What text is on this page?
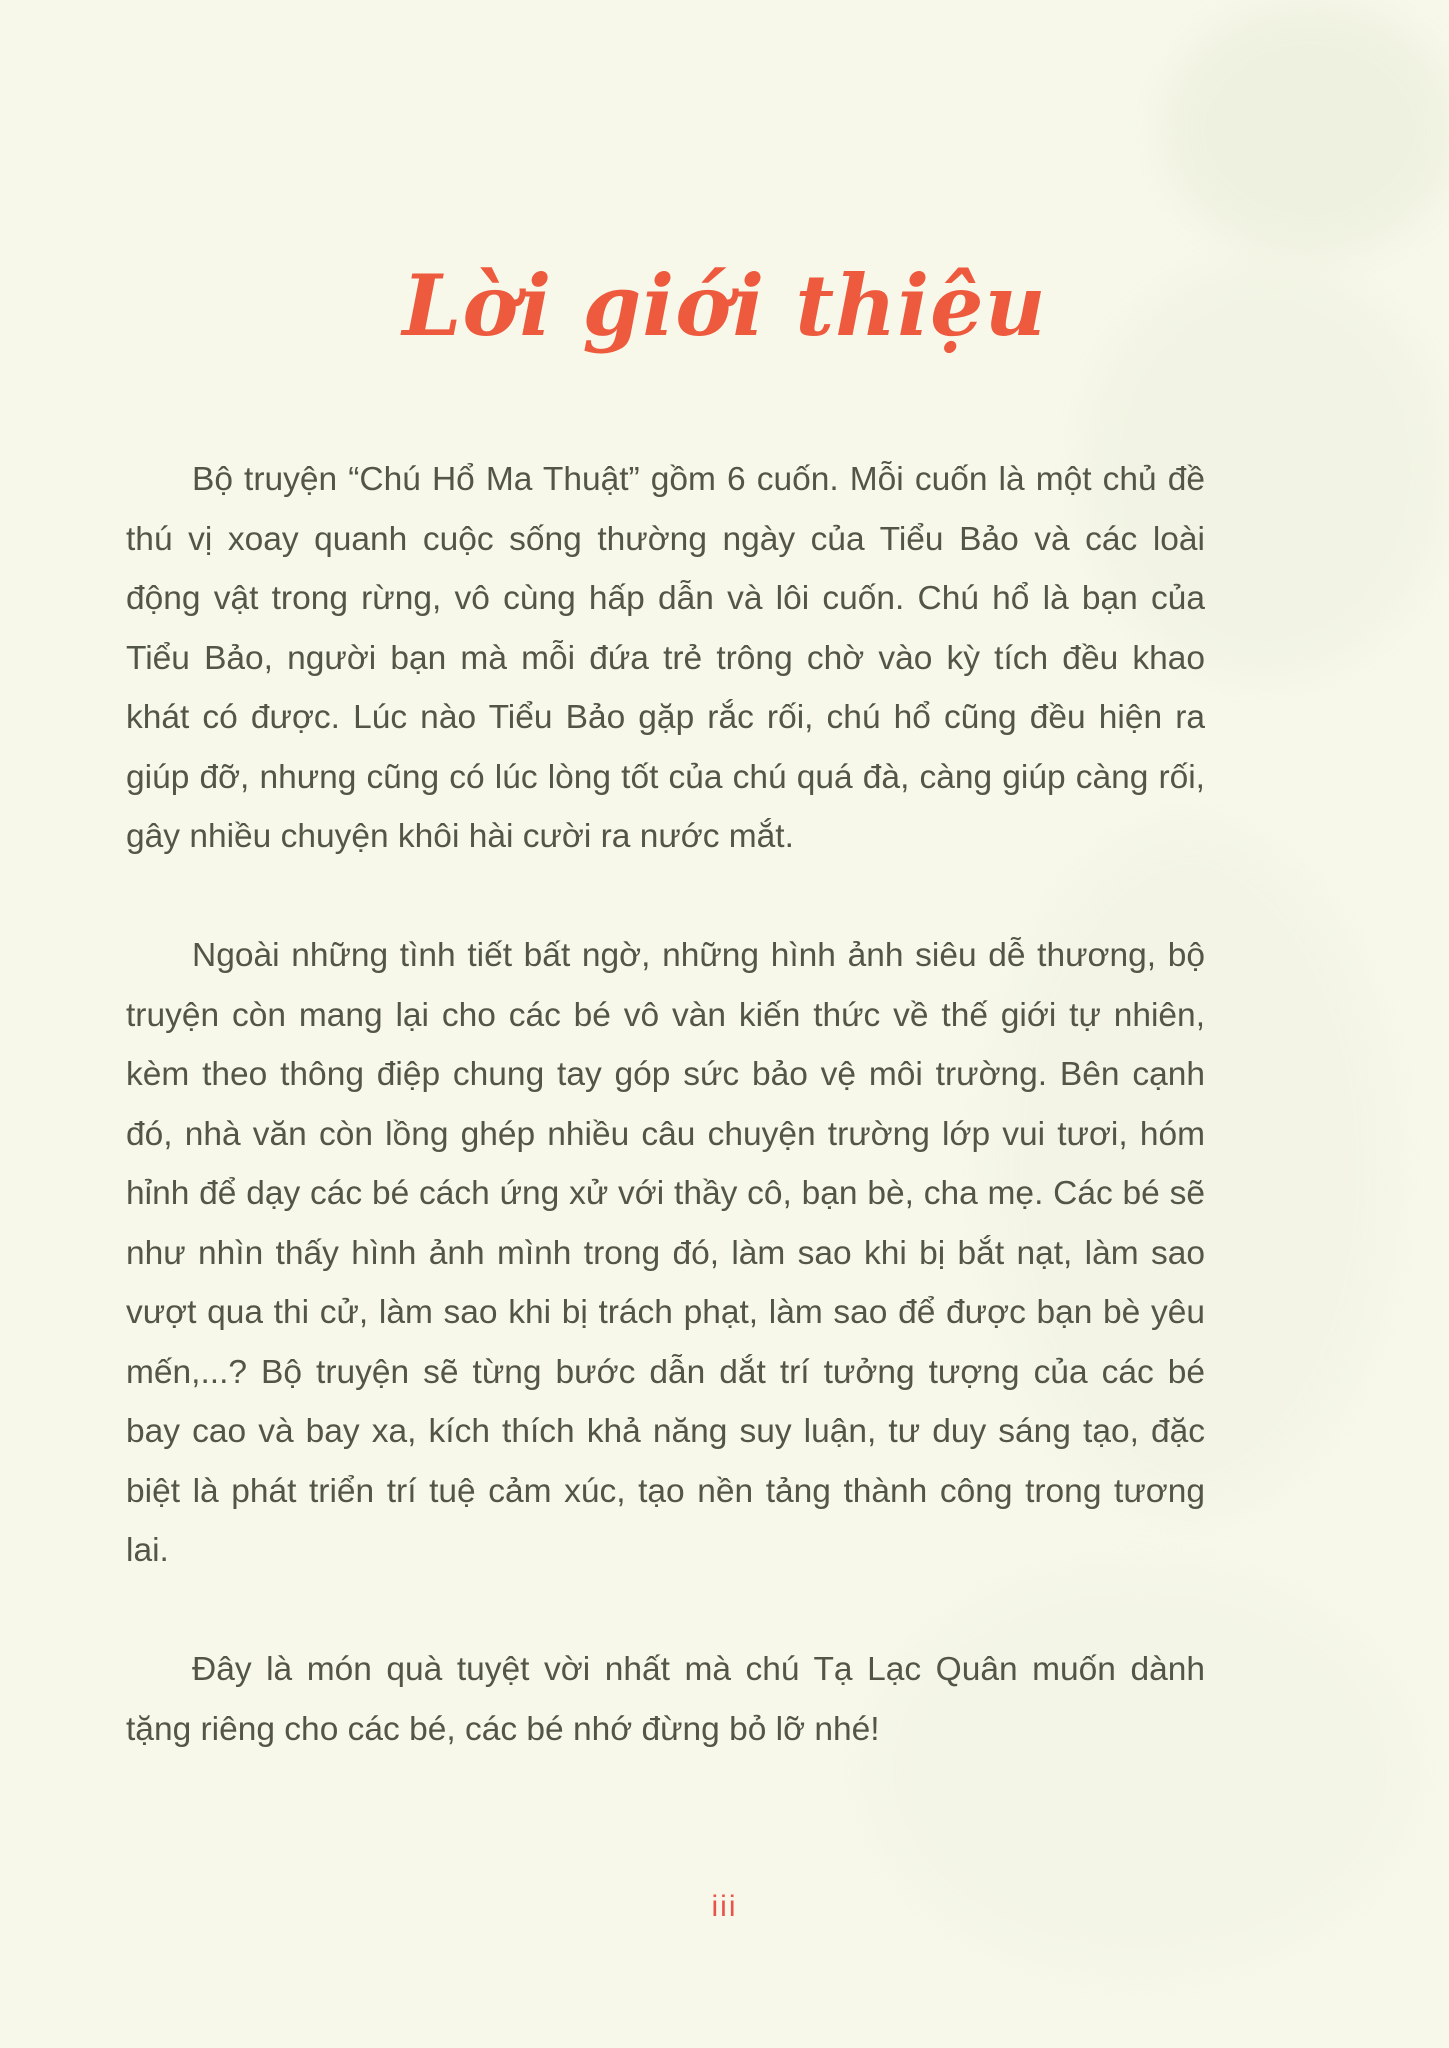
Lời giới thiệu

Bộ truyện “Chú Hổ Ma Thuật” gồm 6 cuốn. Mỗi cuốn là một chủ đề thú vị xoay quanh cuộc sống thường ngày của Tiểu Bảo và các loài động vật trong rừng, vô cùng hấp dẫn và lôi cuốn. Chú hổ là bạn của Tiểu Bảo, người bạn mà mỗi đứa trẻ trông chờ vào kỳ tích đều khao khát có được. Lúc nào Tiểu Bảo gặp rắc rối, chú hổ cũng đều hiện ra giúp đỡ, nhưng cũng có lúc lòng tốt của chú quá đà, càng giúp càng rối, gây nhiều chuyện khôi hài cười ra nước mắt.

Ngoài những tình tiết bất ngờ, những hình ảnh siêu dễ thương, bộ truyện còn mang lại cho các bé vô vàn kiến thức về thế giới tự nhiên, kèm theo thông điệp chung tay góp sức bảo vệ môi trường. Bên cạnh đó, nhà văn còn lồng ghép nhiều câu chuyện trường lớp vui tươi, hóm hỉnh để dạy các bé cách ứng xử với thầy cô, bạn bè, cha mẹ. Các bé sẽ như nhìn thấy hình ảnh mình trong đó, làm sao khi bị bắt nạt, làm sao vượt qua thi cử, làm sao khi bị trách phạt, làm sao để được bạn bè yêu mến,...? Bộ truyện sẽ từng bước dẫn dắt trí tưởng tượng của các bé bay cao và bay xa, kích thích khả năng suy luận, tư duy sáng tạo, đặc biệt là phát triển trí tuệ cảm xúc, tạo nền tảng thành công trong tương lai.

Đây là món quà tuyệt vời nhất mà chú Tạ Lạc Quân muốn dành tặng riêng cho các bé, các bé nhớ đừng bỏ lỡ nhé!

iii
